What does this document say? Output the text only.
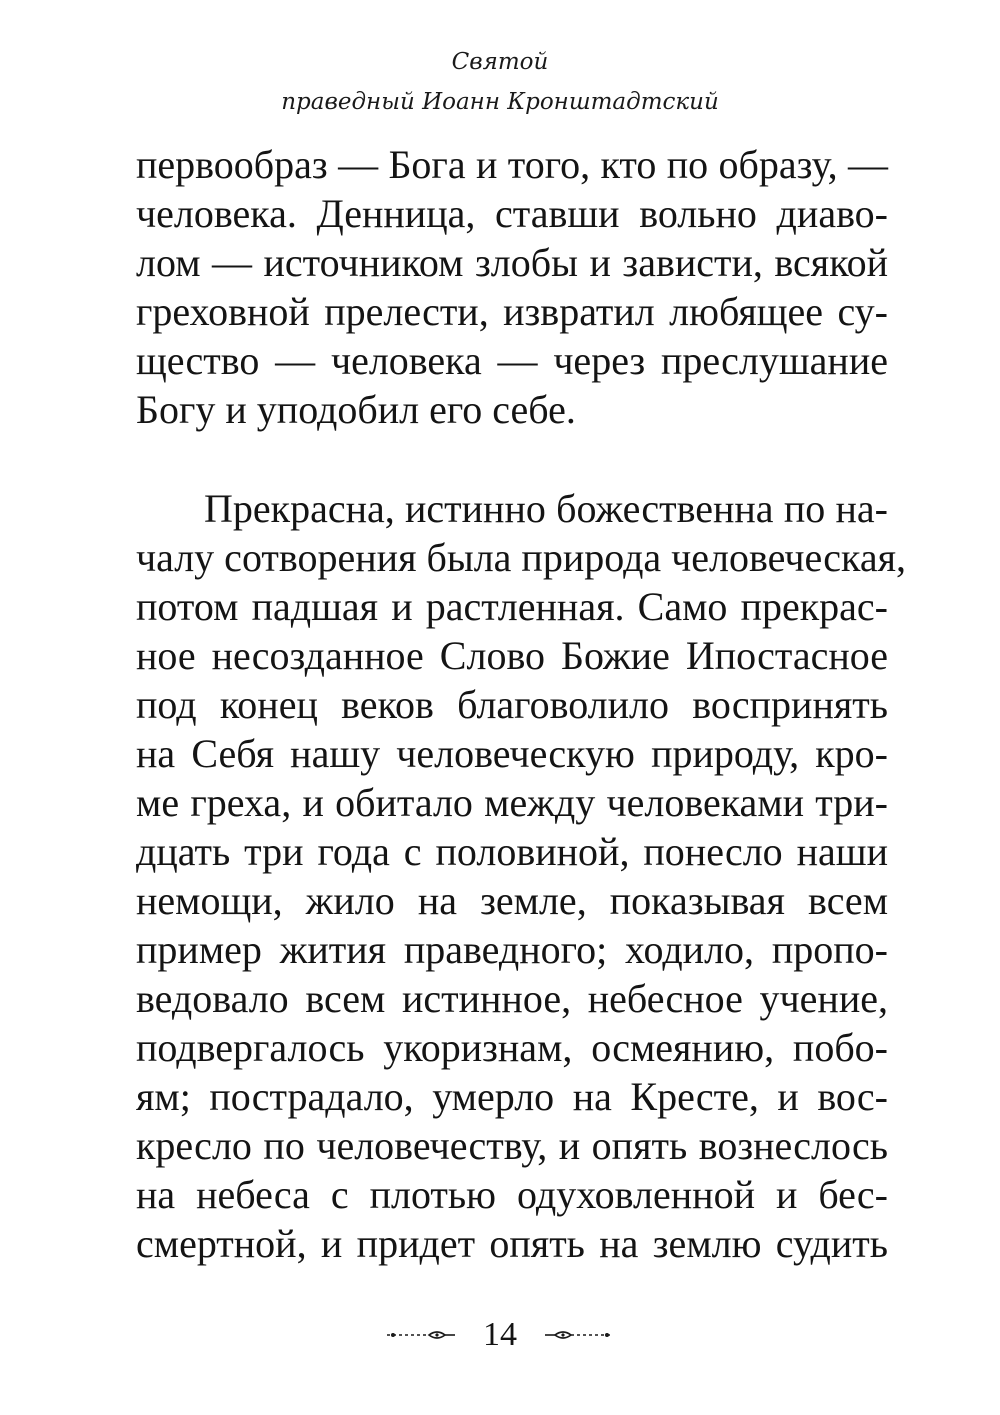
Святой
праведный Иоанн Кронштадтский
первообраз — Бога и того, кто по образу, —
человека. Денница, ставши вольно диаво-
лом — источником злобы и зависти, всякой
греховной прелести, извратил любящее су-
щество — человека — через преслушание
Богу и уподобил его себе.
Прекрасна, истинно божественна по на-
чалу сотворения была природа человеческая,
потом падшая и растленная. Само прекрас-
ное несозданное Слово Божие Ипостасное
под конец веков благоволило воспринять
на Себя нашу человеческую природу, кро-
ме греха, и обитало между человеками три-
дцать три года с половиной, понесло наши
немощи, жило на земле, показывая всем
пример жития праведного; ходило, пропо-
ведовало всем истинное, небесное учение,
подвергалось укоризнам, осмеянию, побо-
ям; пострадало, умерло на Кресте, и вос-
кресло по человечеству, и опять вознеслось
на небеса с плотью одуховленной и бес-
смертной, и придет опять на землю судить
14
